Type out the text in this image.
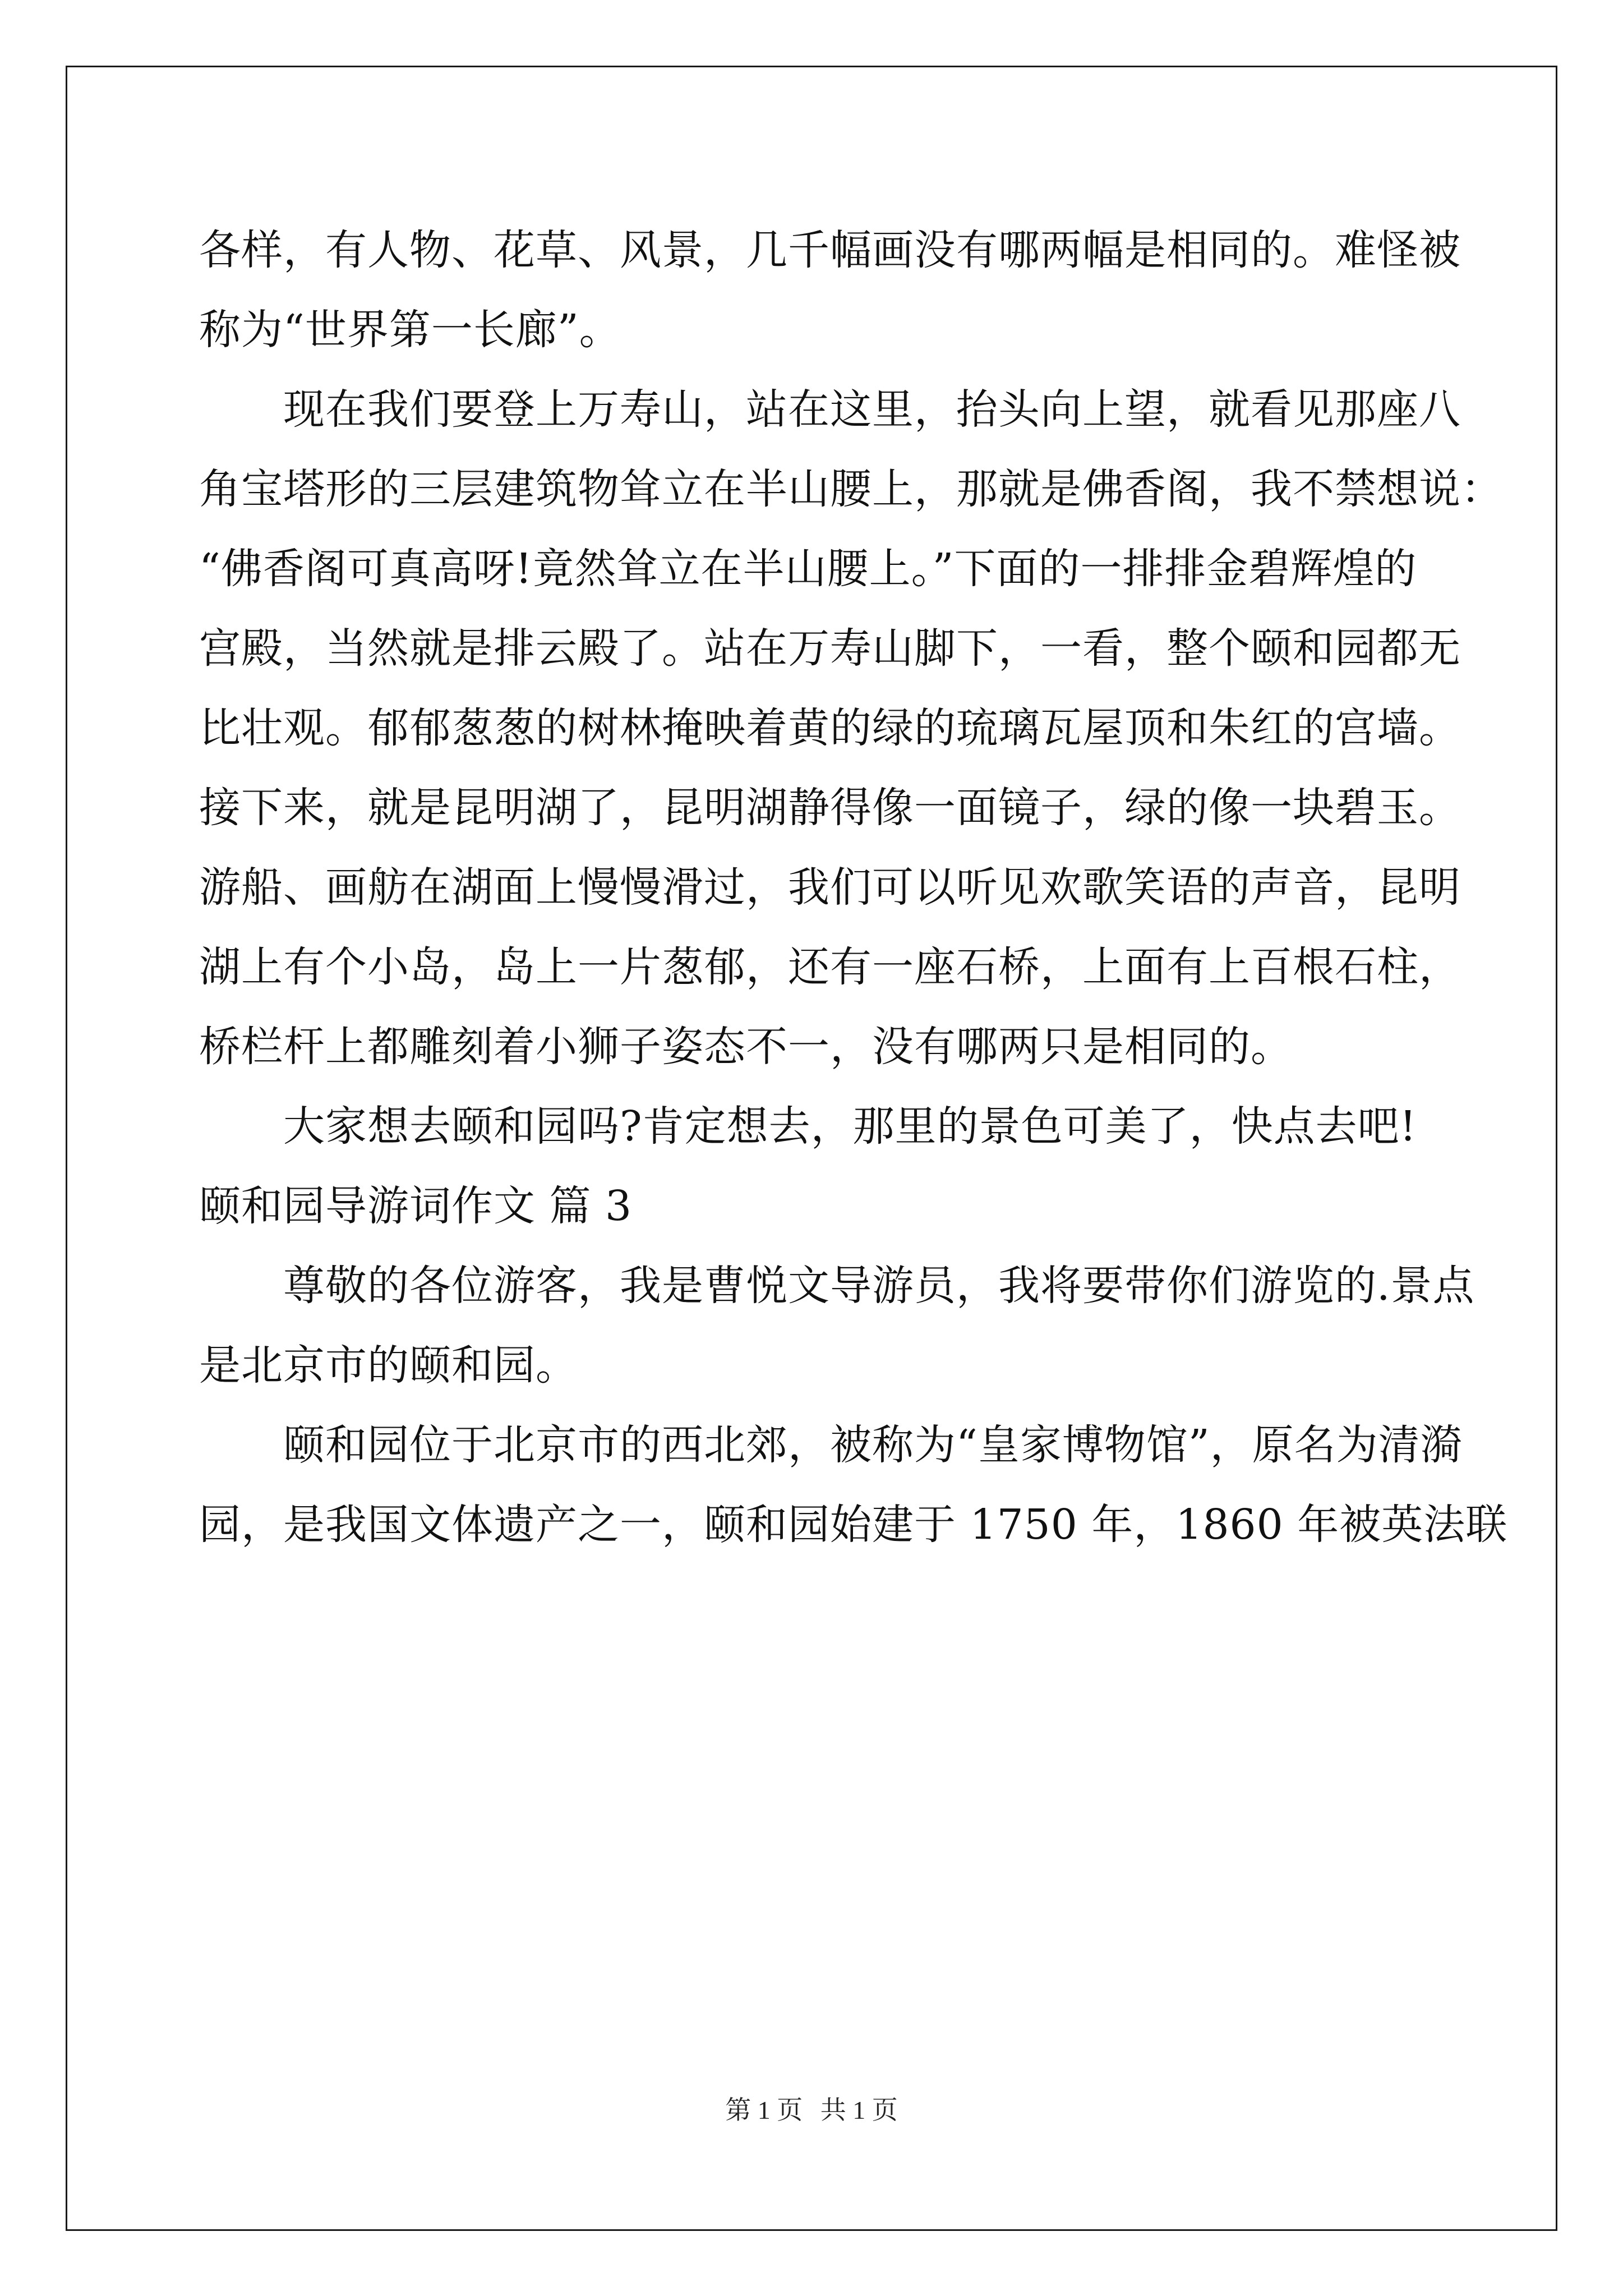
各样，有人物、花草、风景，几千幅画没有哪两幅是相同的。难怪被
称为“世界第一长廊”。
现在我们要登上万寿山，站在这里，抬头向上望，就看见那座八
角宝塔形的三层建筑物耸立在半山腰上，那就是佛香阁，我不禁想说：
“佛香阁可真高呀!竟然耸立在半山腰上。”下面的一排排金碧辉煌的
宫殿，当然就是排云殿了。站在万寿山脚下，一看，整个颐和园都无
比壮观。郁郁葱葱的树林掩映着黄的绿的琉璃瓦屋顶和朱红的宫墙。
接下来，就是昆明湖了，昆明湖静得像一面镜子，绿的像一块碧玉。
游船、画舫在湖面上慢慢滑过，我们可以听见欢歌笑语的声音，昆明
湖上有个小岛，岛上一片葱郁，还有一座石桥，上面有上百根石柱，
桥栏杆上都雕刻着小狮子姿态不一，没有哪两只是相同的。
大家想去颐和园吗?肯定想去，那里的景色可美了，快点去吧!
颐和园导游词作文 篇 3
尊敬的各位游客，我是曹悦文导游员，我将要带你们游览的.景点
是北京市的颐和园。
颐和园位于北京市的西北郊，被称为“皇家博物馆”，原名为清漪
园，是我国文体遗产之一，颐和园始建于 1750 年，1860 年被英法联
第 1 页 共 1 页
